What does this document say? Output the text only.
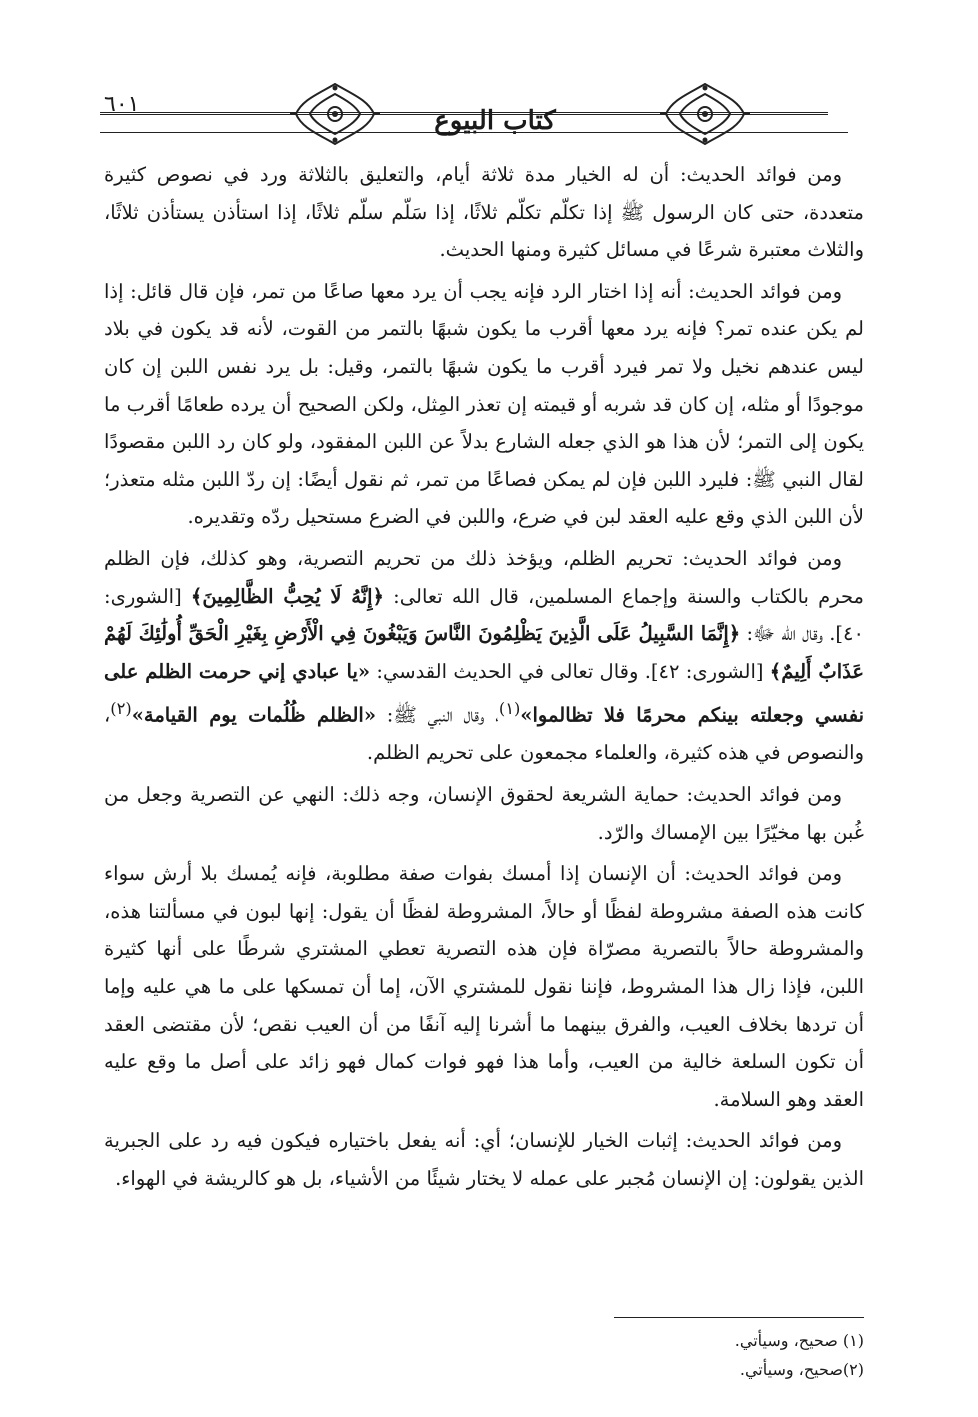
٦٠١
كتاب البيوع

ومن فوائد الحديث: أن له الخيار مدة ثلاثة أيام، والتعليق بالثلاثة ورد في نصوص كثيرة متعددة، حتى كان الرسول ﷺ إذا تكلّم تكلّم ثلاثًا، إذا سَلّم سلّم ثلاثًا، إذا استأذن يستأذن ثلاثًا، والثلاث معتبرة شرعًا في مسائل كثيرة ومنها الحديث.

ومن فوائد الحديث: أنه إذا اختار الرد فإنه يجب أن يرد معها صاعًا من تمر، فإن قال قائل: إذا لم يكن عنده تمر؟ فإنه يرد معها أقرب ما يكون شبهًا بالتمر من القوت، لأنه قد يكون في بلاد ليس عندهم نخيل ولا تمر فيرد أقرب ما يكون شبهًا بالتمر، وقيل: بل يرد نفس اللبن إن كان موجودًا أو مثله، إن كان قد شربه أو قيمته إن تعذر المِثل، ولكن الصحيح أن يرده طعامًا أقرب ما يكون إلى التمر؛ لأن هذا هو الذي جعله الشارع بدلاً عن اللبن المفقود، ولو كان رد اللبن مقصودًا لقال النبي ﷺ: فليرد اللبن فإن لم يمكن فصاعًا من تمر، ثم نقول أيضًا: إن ردّ اللبن مثله متعذر؛ لأن اللبن الذي وقع عليه العقد لبن في ضرع، واللبن في الضرع مستحيل ردّه وتقديره.

ومن فوائد الحديث: تحريم الظلم، ويؤخذ ذلك من تحريم التصرية، وهو كذلك، فإن الظلم محرم بالكتاب والسنة وإجماع المسلمين، قال الله تعالى: ﴿إِنَّهُ لَا يُحِبُّ الظَّالِمِينَ﴾ [الشورى: ٤٠]. وقال الله ﷻ: ﴿إِنَّمَا السَّبِيلُ عَلَى الَّذِينَ يَظْلِمُونَ النَّاسَ وَيَبْغُونَ فِي الْأَرْضِ بِغَيْرِ الْحَقِّ أُولَٰئِكَ لَهُمْ عَذَابٌ أَلِيمٌ﴾ [الشورى: ٤٢]. وقال تعالى في الحديث القدسي: «يا عبادي إني حرمت الظلم على نفسي وجعلته بينكم محرمًا فلا تظالموا»$^{(١)}$، وقال النبي ﷺ: «الظلم ظُلُمات يوم القيامة»$^{(٢)}$، والنصوص في هذه كثيرة، والعلماء مجمعون على تحريم الظلم.

ومن فوائد الحديث: حماية الشريعة لحقوق الإنسان، وجه ذلك: النهي عن التصرية وجعل من غُبن بها مخيّرًا بين الإمساك والرّد.

ومن فوائد الحديث: أن الإنسان إذا أمسك بفوات صفة مطلوبة، فإنه يُمسك بلا أرش سواء كانت هذه الصفة مشروطة لفظًا أو حالاً، المشروطة لفظًا أن يقول: إنها لبون في مسألتنا هذه، والمشروطة حالاً بالتصرية مصرّاة فإن هذه التصرية تعطي المشتري شرطًا على أنها كثيرة اللبن، فإذا زال هذا المشروط، فإننا نقول للمشتري الآن، إما أن تمسكها على ما هي عليه وإما أن تردها بخلاف العيب، والفرق بينهما ما أشرنا إليه آنفًا من أن العيب نقص؛ لأن مقتضى العقد أن تكون السلعة خالية من العيب، وأما هذا فهو فوات كمال فهو زائد على أصل ما وقع عليه العقد وهو السلامة.

ومن فوائد الحديث: إثبات الخيار للإنسان؛ أي: أنه يفعل باختياره فيكون فيه رد على الجبرية الذين يقولون: إن الإنسان مُجبر على عمله لا يختار شيئًا من الأشياء، بل هو كالريشة في الهواء.

(١) صحيح، وسيأتي.
(٢)صحيح، وسيأتي.
